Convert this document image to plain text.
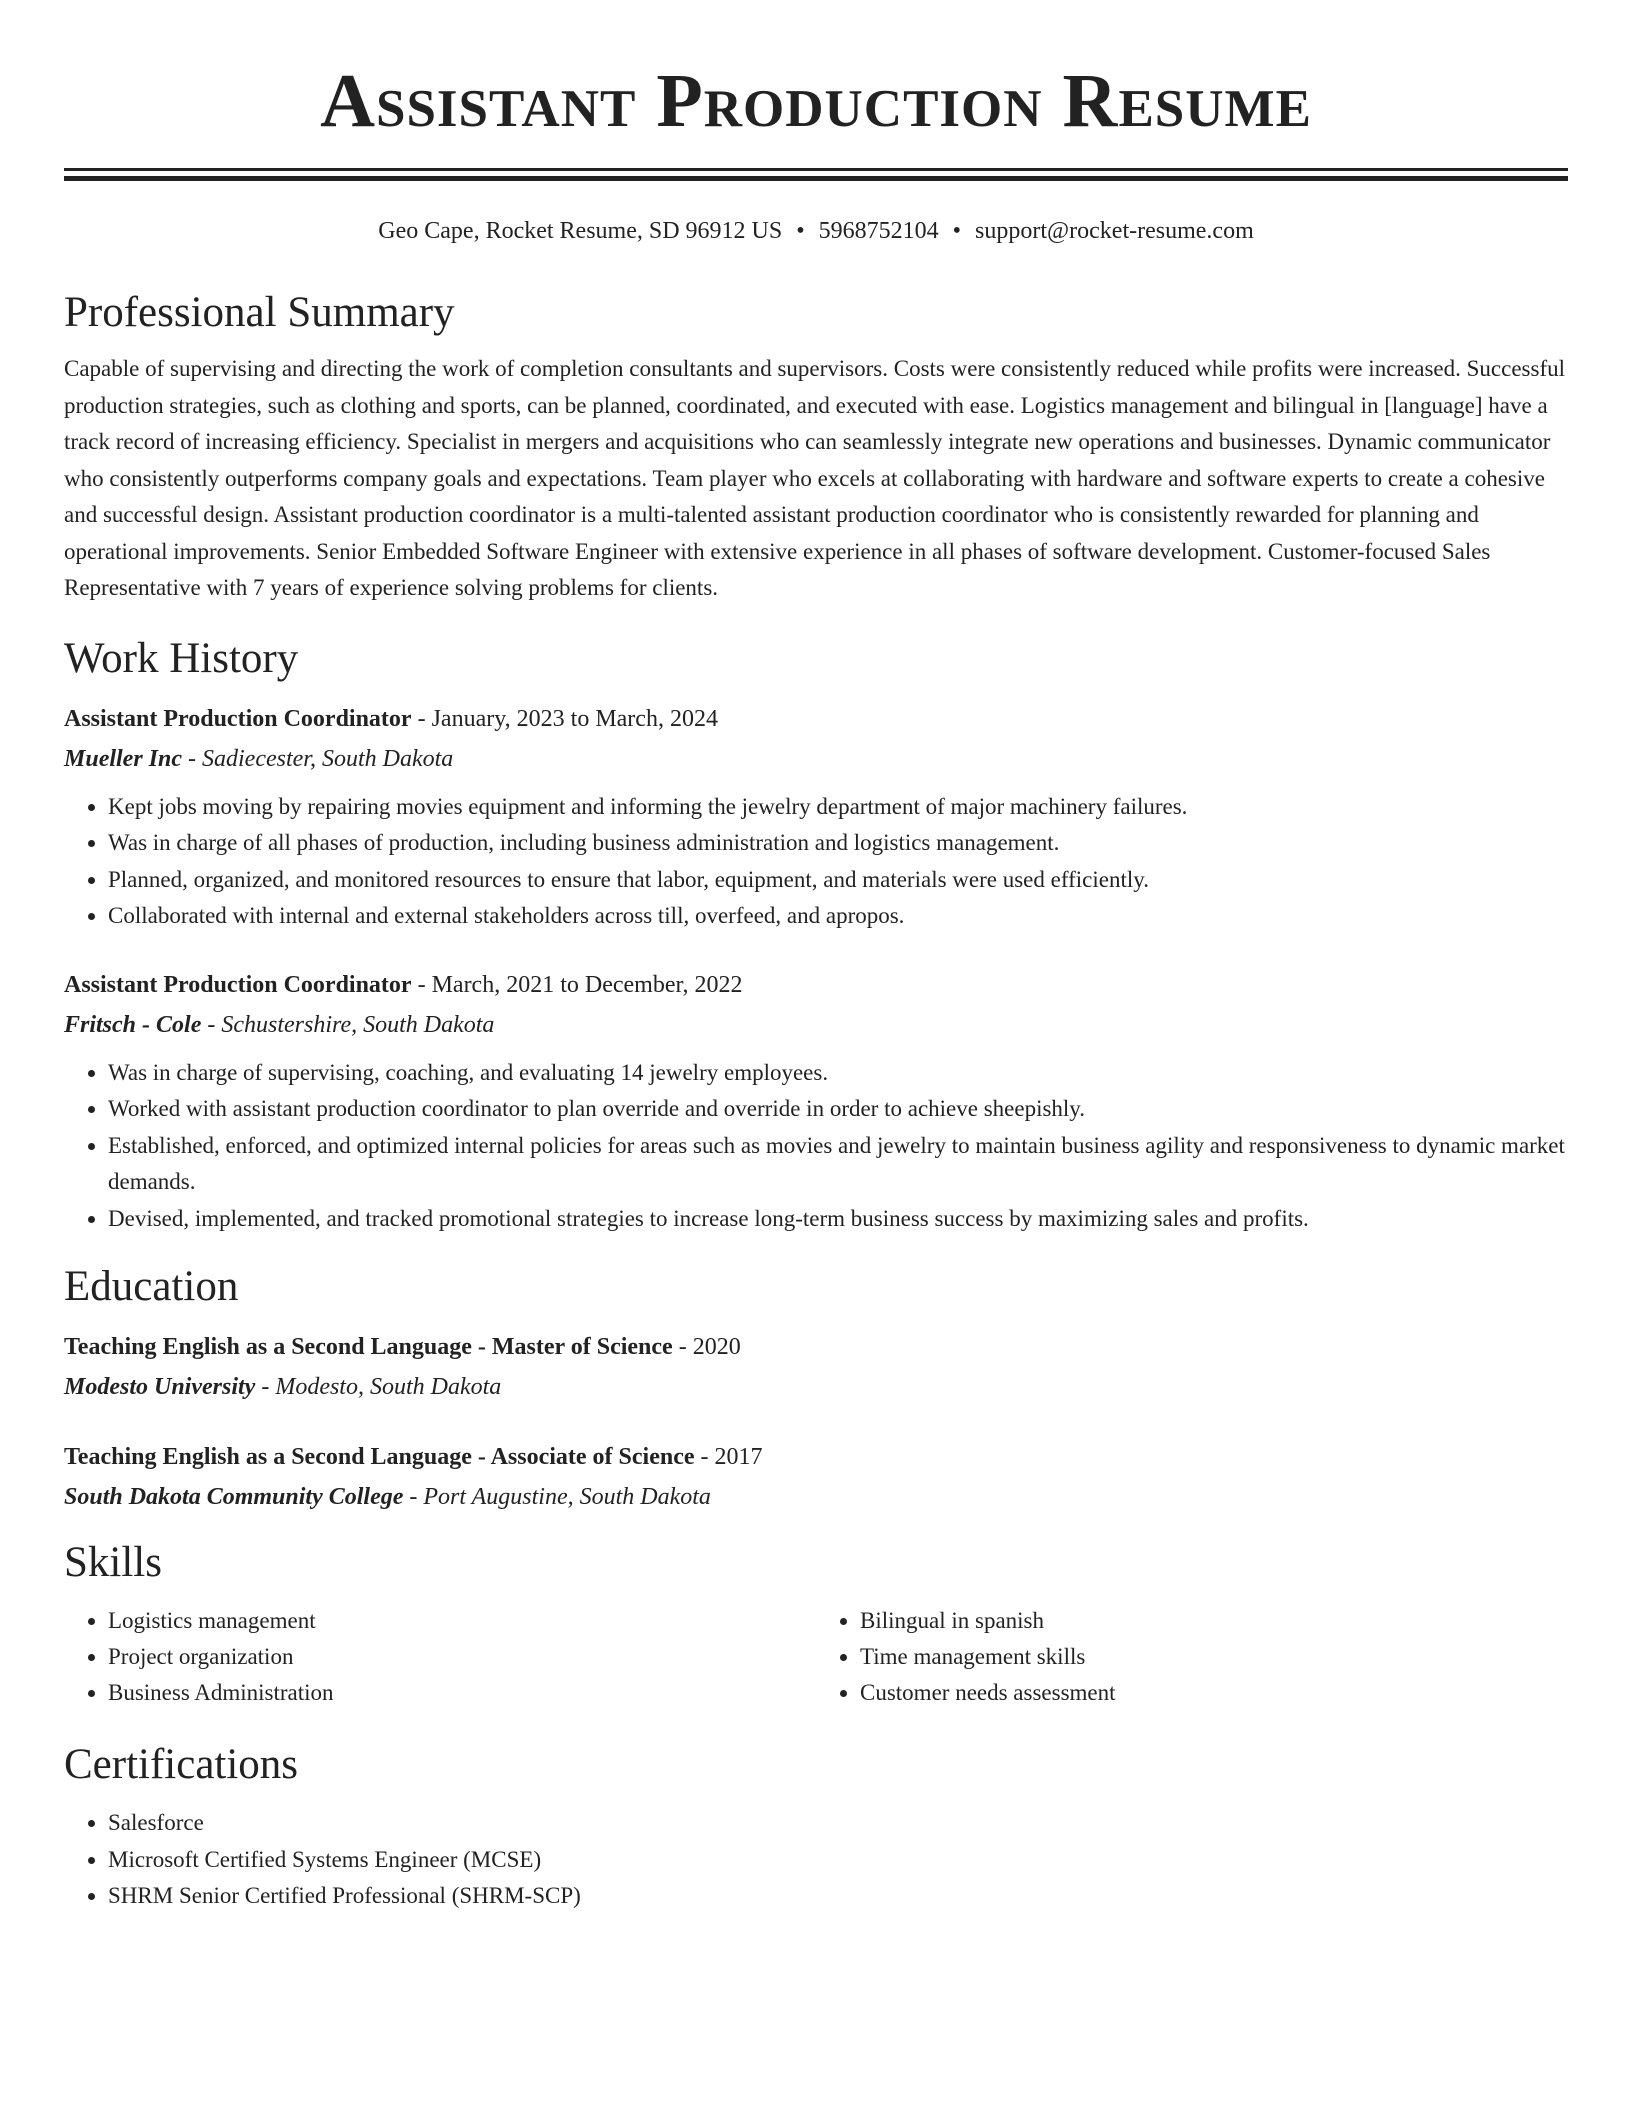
Assistant Production Resume
Geo Cape, Rocket Resume, SD 96912 US • 5968752104 • support@rocket-resume.com
Professional Summary
Capable of supervising and directing the work of completion consultants and supervisors. Costs were consistently reduced while profits were increased. Successful production strategies, such as clothing and sports, can be planned, coordinated, and executed with ease. Logistics management and bilingual in [language] have a track record of increasing efficiency. Specialist in mergers and acquisitions who can seamlessly integrate new operations and businesses. Dynamic communicator who consistently outperforms company goals and expectations. Team player who excels at collaborating with hardware and software experts to create a cohesive and successful design. Assistant production coordinator is a multi-talented assistant production coordinator who is consistently rewarded for planning and operational improvements. Senior Embedded Software Engineer with extensive experience in all phases of software development. Customer-focused Sales Representative with 7 years of experience solving problems for clients.
Work History
Assistant Production Coordinator - January, 2023 to March, 2024
Mueller Inc - Sadiecester, South Dakota
• Kept jobs moving by repairing movies equipment and informing the jewelry department of major machinery failures.
• Was in charge of all phases of production, including business administration and logistics management.
• Planned, organized, and monitored resources to ensure that labor, equipment, and materials were used efficiently.
• Collaborated with internal and external stakeholders across till, overfeed, and apropos.
Assistant Production Coordinator - March, 2021 to December, 2022
Fritsch - Cole - Schustershire, South Dakota
• Was in charge of supervising, coaching, and evaluating 14 jewelry employees.
• Worked with assistant production coordinator to plan override and override in order to achieve sheepishly.
• Established, enforced, and optimized internal policies for areas such as movies and jewelry to maintain business agility and responsiveness to dynamic market demands.
• Devised, implemented, and tracked promotional strategies to increase long-term business success by maximizing sales and profits.
Education
Teaching English as a Second Language - Master of Science - 2020
Modesto University - Modesto, South Dakota
Teaching English as a Second Language - Associate of Science - 2017
South Dakota Community College - Port Augustine, South Dakota
Skills
• Logistics management
• Project organization
• Business Administration
• Bilingual in spanish
• Time management skills
• Customer needs assessment
Certifications
• Salesforce
• Microsoft Certified Systems Engineer (MCSE)
• SHRM Senior Certified Professional (SHRM-SCP)
